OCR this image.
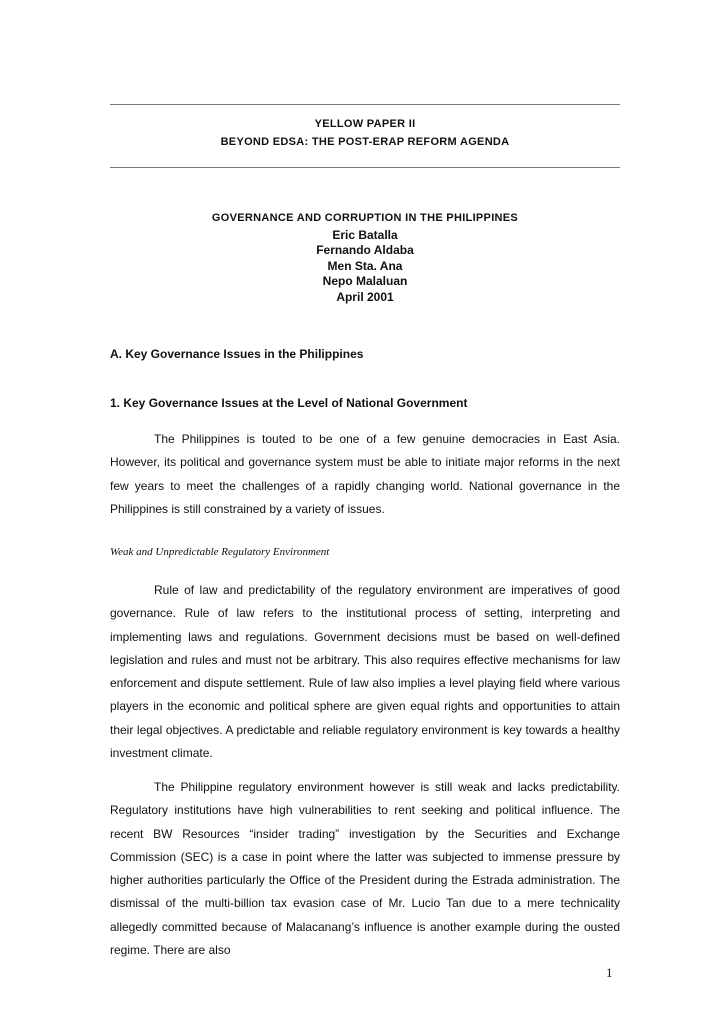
YELLOW PAPER II
BEYOND EDSA: THE POST-ERAP REFORM AGENDA
GOVERNANCE AND CORRUPTION IN THE PHILIPPINES
Eric Batalla
Fernando Aldaba
Men Sta. Ana
Nepo Malaluan
April 2001
A. Key Governance Issues in the Philippines
1. Key Governance Issues at the Level of National Government

The Philippines is touted to be one of a few genuine democracies in East Asia. However, its political and governance system must be able to initiate major reforms in the next few years to meet the challenges of a rapidly changing world. National governance in the Philippines is still constrained by a variety of issues.

Weak and Unpredictable Regulatory Environment

Rule of law and predictability of the regulatory environment are imperatives of good governance. Rule of law refers to the institutional process of setting, interpreting and implementing laws and regulations. Government decisions must be based on well-defined legislation and rules and must not be arbitrary. This also requires effective mechanisms for law enforcement and dispute settlement. Rule of law also implies a level playing field where various players in the economic and political sphere are given equal rights and opportunities to attain their legal objectives. A predictable and reliable regulatory environment is key towards a healthy investment climate.

The Philippine regulatory environment however is still weak and lacks predictability. Regulatory institutions have high vulnerabilities to rent seeking and political influence. The recent BW Resources “insider trading” investigation by the Securities and Exchange Commission (SEC) is a case in point where the latter was subjected to immense pressure by higher authorities particularly the Office of the President during the Estrada administration. The dismissal of the multi-billion tax evasion case of Mr. Lucio Tan due to a mere technicality allegedly committed because of Malacanang’s influence is another example during the ousted regime. There are also

1
